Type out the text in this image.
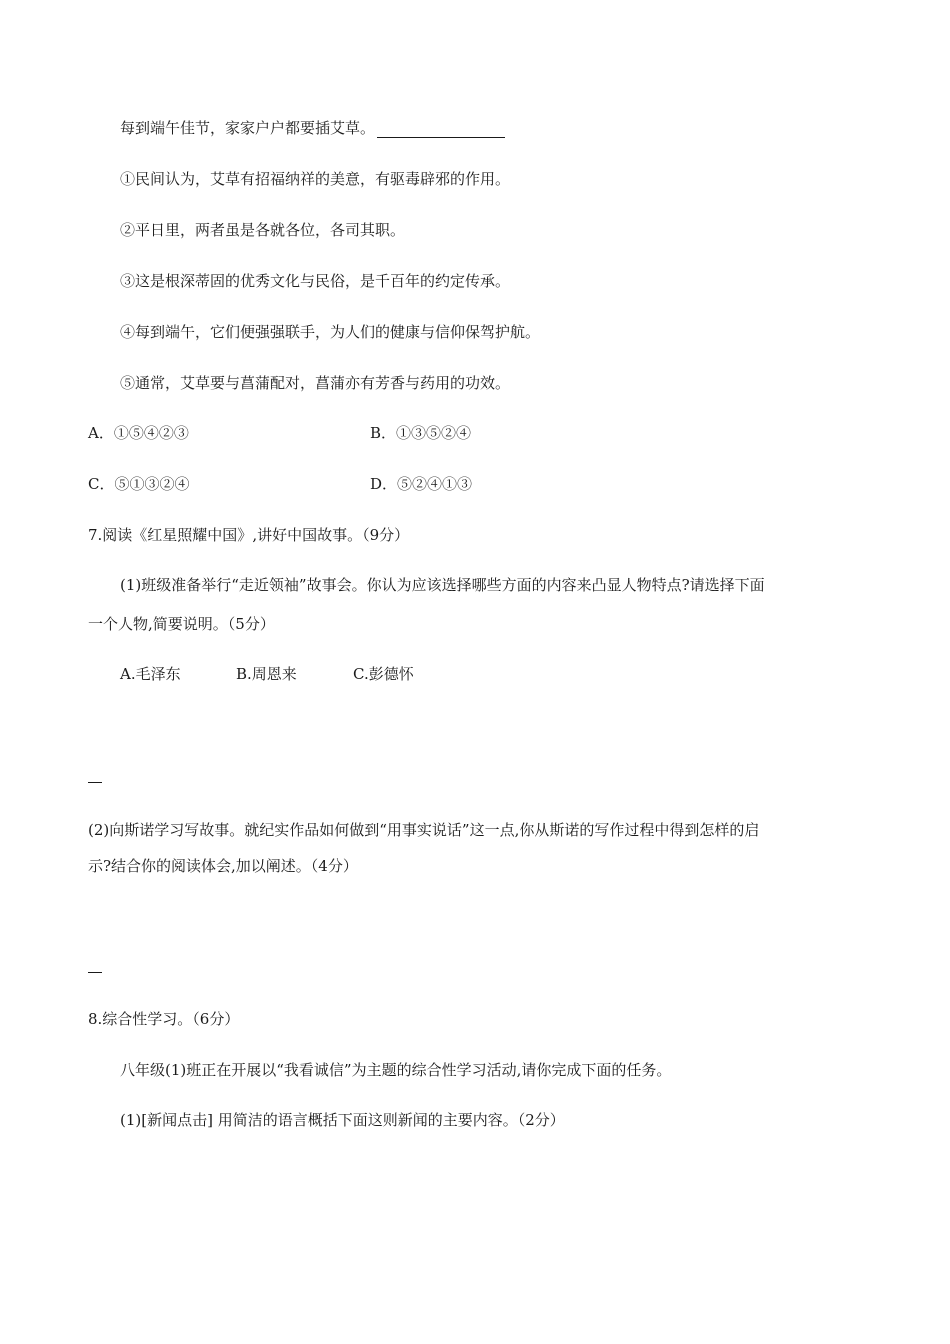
每到端午佳节，家家户户都要插艾草。
①民间认为，艾草有招福纳祥的美意，有驱毒辟邪的作用。
②平日里，两者虽是各就各位，各司其职。
③这是根深蒂固的优秀文化与民俗，是千百年的约定传承。
④每到端午，它们便强强联手，为人们的健康与信仰保驾护航。
⑤通常，艾草要与菖蒲配对，菖蒲亦有芳香与药用的功效。
A．①⑤④②③	B．①③⑤②④
C．⑤①③②④	D．⑤②④①③
7.阅读《红星照耀中国》,讲好中国故事。（9分）
(1)班级准备举行“走近领袖”故事会。你认为应该选择哪些方面的内容来凸显人物特点?请选择下面
一个人物,简要说明。（5分）
A.毛泽东	B.周恩来	C.彭德怀
(2)向斯诺学习写故事。就纪实作品如何做到“用事实说话”这一点,你从斯诺的写作过程中得到怎样的启
示?结合你的阅读体会,加以阐述。（4分）
8.综合性学习。（6分）
八年级(1)班正在开展以“我看诚信”为主题的综合性学习活动,请你完成下面的任务。
(1)[新闻点击] 用简洁的语言概括下面这则新闻的主要内容。（2分）
